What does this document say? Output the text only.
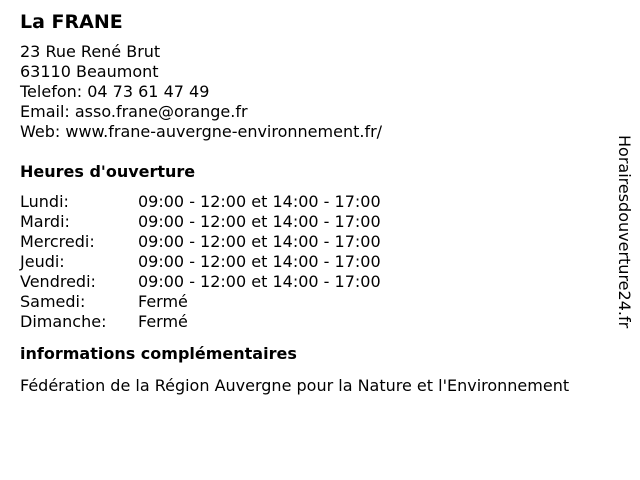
La FRANE
23 Rue René Brut
63110 Beaumont
Telefon: 04 73 61 47 49
Email: asso.frane@orange.fr
Web: www.frane-auvergne-environnement.fr/
Heures d'ouverture
Lundi:	09:00 - 12:00 et 14:00 - 17:00
Mardi:	09:00 - 12:00 et 14:00 - 17:00
Mercredi:	09:00 - 12:00 et 14:00 - 17:00
Jeudi:	09:00 - 12:00 et 14:00 - 17:00
Vendredi:	09:00 - 12:00 et 14:00 - 17:00
Samedi:	Fermé
Dimanche:	Fermé
informations complémentaires
Fédération de la Région Auvergne pour la Nature et l'Environnement
Horairesdouverture24.fr
